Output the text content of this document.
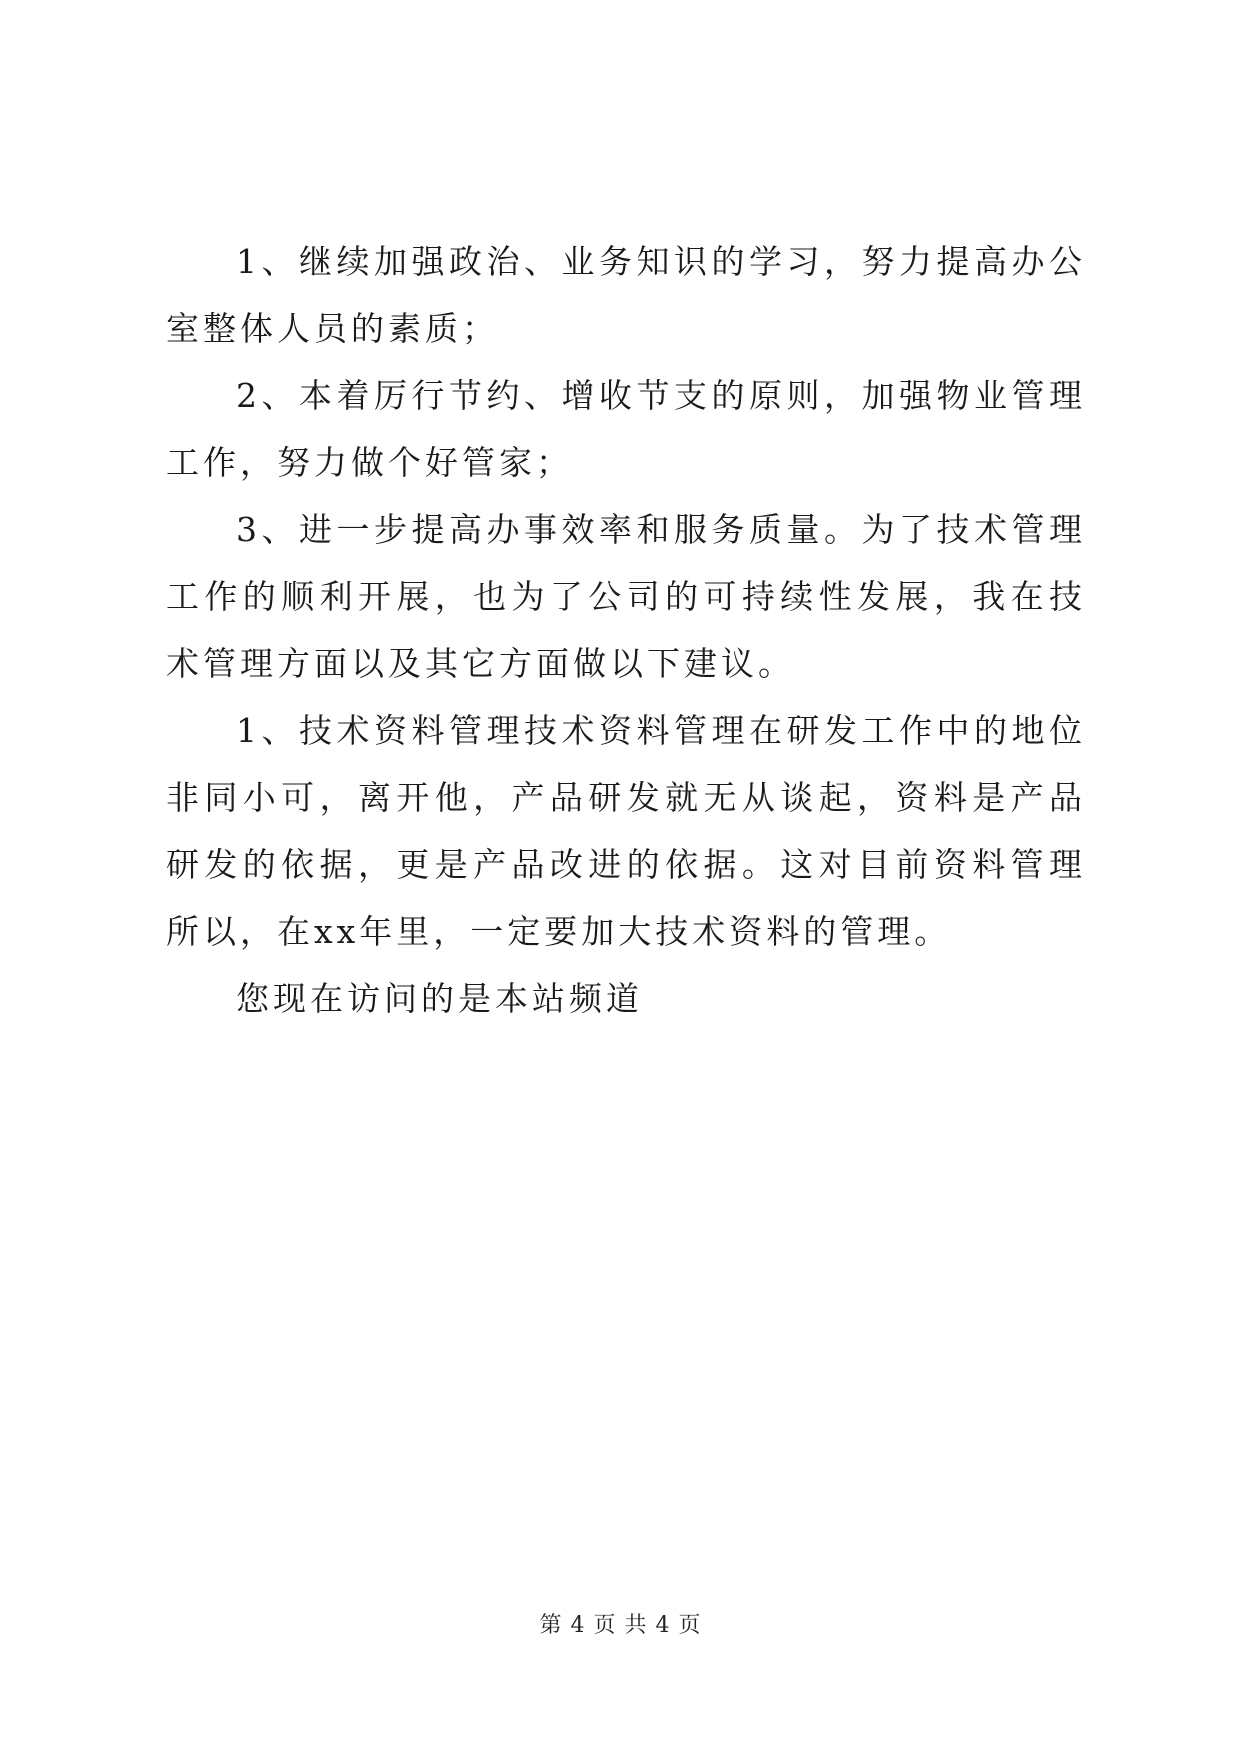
1、继续加强政治、业务知识的学习，努力提高办公室整体人员的素质；

2、本着厉行节约、增收节支的原则，加强物业管理工作，努力做个好管家；

3、进一步提高办事效率和服务质量。为了技术管理工作的顺利开展，也为了公司的可持续性发展，我在技术管理方面以及其它方面做以下建议。

1、技术资料管理技术资料管理在研发工作中的地位非同小可，离开他，产品研发就无从谈起，资料是产品研发的依据，更是产品改进的依据。这对目前资料管理所以，在xx年里，一定要加大技术资料的管理。

您现在访问的是本站频道

第 4 页 共 4 页
